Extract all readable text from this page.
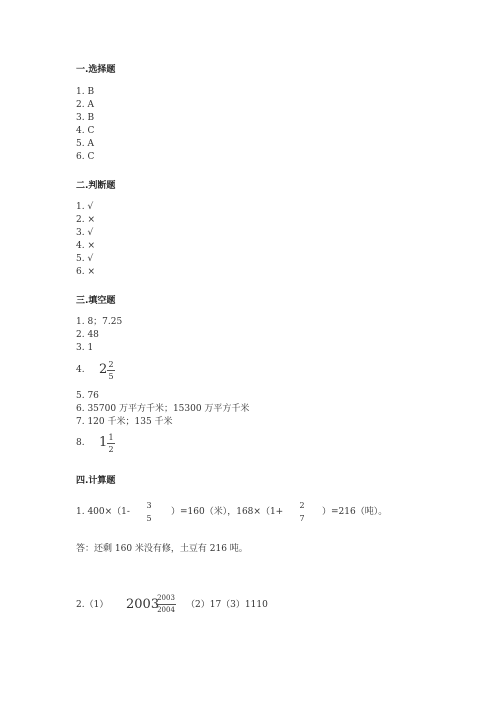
一.选择题
1. B
2. A
3. B
4. C
5. A
6. C
二.判断题
1. √
2. ×
3. √
4. ×
5. √
6. ×
三.填空题
1. 8；7.25
2. 48
3. 1
4. 2 2
5
5. 76
6. 35700 万平方千米；15300 万平方千米
7. 120 千米；135 千米
8. 1 1
2
四.计算题
1. 400×（1-
3
5
）=160（米），168×（1+
2
7
）=216（吨）。
答：还剩 160 米没有修，土豆有 216 吨。
2.（1） 2003
2003
2004 （2）17（3）1110
